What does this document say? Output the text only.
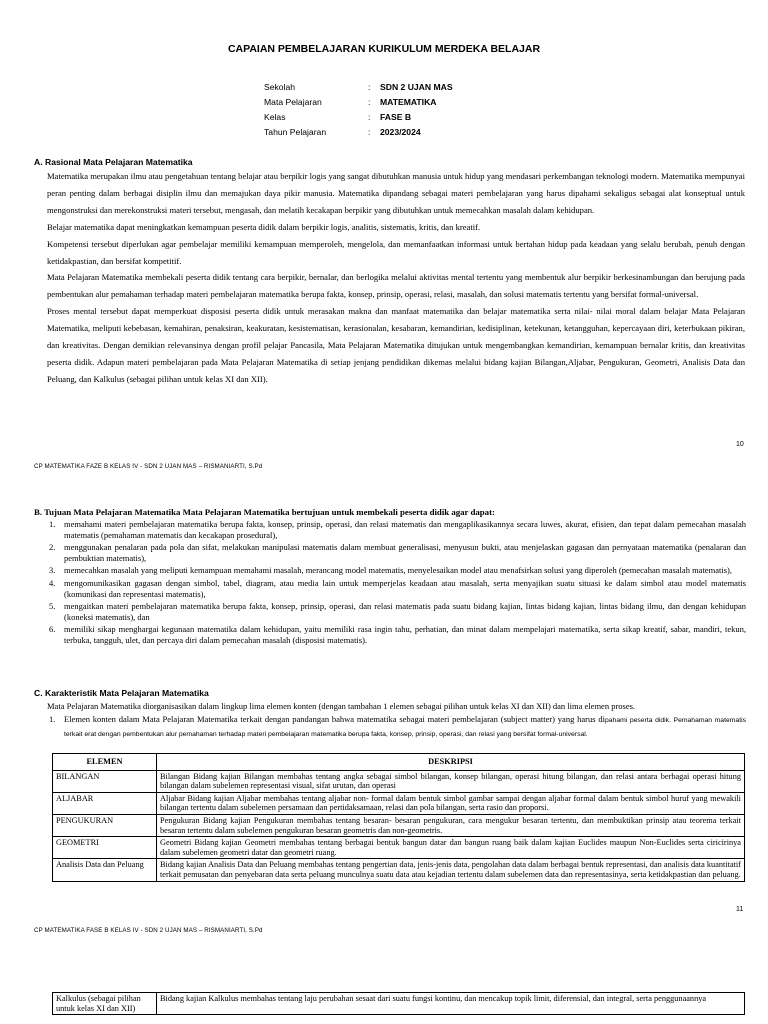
CAPAIAN PEMBELAJARAN KURIKULUM MERDEKA BELAJAR
Sekolah	:	SDN 2 UJAN MAS
Mata Pelajaran	:	MATEMATIKA
Kelas	:	FASE B
Tahun Pelajaran	:	2023/2024
A. Rasional Mata Pelajaran Matematika

Matematika merupakan ilmu atau pengetahuan tentang belajar atau berpikir logis yang sangat dibutuhkan manusia untuk hidup yang mendasari perkembangan teknologi modern. Matematika mempunyai peran penting dalam berbagai disiplin ilmu dan memajukan daya pikir manusia. Matematika dipandang sebagai materi pembelajaran yang harus dipahami sekaligus sebagai alat konseptual untuk mengonstruksi dan merekonstruksi materi tersebut, mengasah, dan melatih kecakapan berpikir yang dibutuhkan untuk memecahkan masalah dalam kehidupan.

Belajar matematika dapat meningkatkan kemampuan peserta didik dalam berpikir logis, analitis, sistematis, kritis, dan kreatif.

Kompetensi tersebut diperlukan agar pembelajar memiliki kemampuan memperoleh, mengelola, dan memanfaatkan informasi untuk bertahan hidup pada keadaan yang selalu berubah, penuh dengan ketidakpastian, dan bersifat kompetitif.

Mata Pelajaran Matematika membekali peserta didik tentang cara berpikir, bernalar, dan berlogika melalui aktivitas mental tertentu yang membentuk alur berpikir berkesinambungan dan berujung pada pembentukan alur pemahaman terhadap materi pembelajaran matematika berupa fakta, konsep, prinsip, operasi, relasi, masalah, dan solusi matematis tertentu yang bersifat formal-universal.

Proses mental tersebut dapat memperkuat disposisi peserta didik untuk merasakan makna dan manfaat matematika dan belajar matematika serta nilai- nilai moral dalam belajar Mata Pelajaran Matematika, meliputi kebebasan, kemahiran, penaksiran, keakuratan, kesistematisan, kerasionalan, kesabaran, kemandirian, kedisiplinan, ketekunan, ketangguhan, kepercayaan diri, keterbukaan pikiran, dan kreativitas. Dengan demikian relevansinya dengan profil pelajar Pancasila, Mata Pelajaran Matematika ditujukan untuk mengembangkan kemandirian, kemampuan bernalar kritis, dan kreativitas peserta didik. Adapun materi pembelajaran pada Mata Pelajaran Matematika di setiap jenjang pendidikan dikemas melalui bidang kajian Bilangan,Aljabar, Pengukuran, Geometri, Analisis Data dan Peluang, dan Kalkulus (sebagai pilihan untuk kelas XI dan XII).

10
CP MATEMATIKA FAZE B KELAS IV - SDN 2 UJAN MAS – RISMANIARTI, S.Pd
B. Tujuan Mata Pelajaran Matematika Mata Pelajaran Matematika bertujuan untuk membekali peserta didik agar dapat:
1.	memahami materi pembelajaran matematika berupa fakta, konsep, prinsip, operasi, dan relasi matematis dan mengaplikasikannya secara luwes, akurat, efisien, dan tepat dalam pemecahan masalah matematis (pemahaman matematis dan kecakapan prosedural),
2.	menggunakan penalaran pada pola dan sifat, melakukan manipulasi matematis dalam membuat generalisasi, menyusun bukti, atau menjelaskan gagasan dan pernyataan matematika (penalaran dan pembuktian matematis),
3.	memecahkan masalah yang meliputi kemampuan memahami masalah, merancang model matematis, menyelesaikan model atau menafsirkan solusi yang diperoleh (pemecahan masalah matematis),
4.	mengomunikasikan gagasan dengan simbol, tabel, diagram, atau media lain untuk memperjelas keadaan atau masalah, serta menyajikan suatu situasi ke dalam simbol atau model matematis (komunikasi dan representasi matematis),
5.	mengaitkan materi pembelajaran matematika berupa fakta, konsep, prinsip, operasi, dan relasi matematis pada suatu bidang kajian, lintas bidang kajian, lintas bidang ilmu, dan dengan kehidupan (koneksi matematis), dan
6.	memiliki sikap menghargai kegunaan matematika dalam kehidupan, yaitu memiliki rasa ingin tahu, perhatian, dan minat dalam mempelajari matematika, serta sikap kreatif, sabar, mandiri, tekun, terbuka, tangguh, ulet, dan percaya diri dalam pemecahan masalah (disposisi matematis).
C. Karakteristik Mata Pelajaran Matematika
Mata Pelajaran Matematika diorganisasikan dalam lingkup lima elemen konten (dengan tambahan 1 elemen sebagai pilihan untuk kelas XI dan XII) dan lima elemen proses.
1.	Elemen konten dalam Mata Pelajaran Matematika terkait dengan pandangan bahwa matematika sebagai materi pembelajaran (subject matter) yang harus dipahami peserta didik. Pemahaman matematis terkait erat dengan pembentukan alur pemahaman terhadap materi pembelajaran matematika berupa fakta, konsep, prinsip, operasi, dan relasi yang bersifat formal-universal.
ELEMEN	DESKRIPSI
BILANGAN	Bilangan Bidang kajian Bilangan membahas tentang angka sebagai simbol bilangan, konsep bilangan, operasi hitung bilangan, dan relasi antara berbagai operasi hitung bilangan dalam subelemen representasi visual, sifat urutan, dan operasi
ALJABAR	Aljabar Bidang kajian Aljabar membahas tentang aljabar non- formal dalam bentuk simbol gambar sampai dengan aljabar formal dalam bentuk simbol huruf yang mewakili bilangan tertentu dalam subelemen persamaan dan pertidaksamaan, relasi dan pola bilangan, serta rasio dan proporsi.
PENGUKURAN	Pengukuran Bidang kajian Pengukuran membahas tentang besaran- besaran pengukuran, cara mengukur besaran tertentu, dan membuktikan prinsip atau teorema terkait besaran tertentu dalam subelemen pengukuran besaran geometris dan non-geometris.
GEOMETRI	Geometri Bidang kajian Geometri membahas tentang berbagai bentuk bangun datar dan bangun ruang baik dalam kajian Euclides maupun Non-Euclides serta ciricirinya dalam subelemen geometri datar dan geometri ruang.
Analisis Data dan Peluang	Bidang kajian Analisis Data dan Peluang membahas tentang pengertian data, jenis-jenis data, pengolahan data dalam berbagai bentuk representasi, dan analisis data kuantitatif terkait pemusatan dan penyebaran data serta peluang munculnya suatu data atau kejadian tertentu dalam subelemen data dan representasinya, serta ketidakpastian dan peluang.
11
CP MATEMATIKA FASE B KELAS IV - SDN 2 UJAN MAS – RISMANIARTI, S.Pd
Kalkulus (sebagai pilihan untuk kelas XI dan XII)	Bidang kajian Kalkulus membahas tentang laju perubahan sesaat dari suatu fungsi kontinu, dan mencakup topik limit, diferensial, dan integral, serta penggunaannya
